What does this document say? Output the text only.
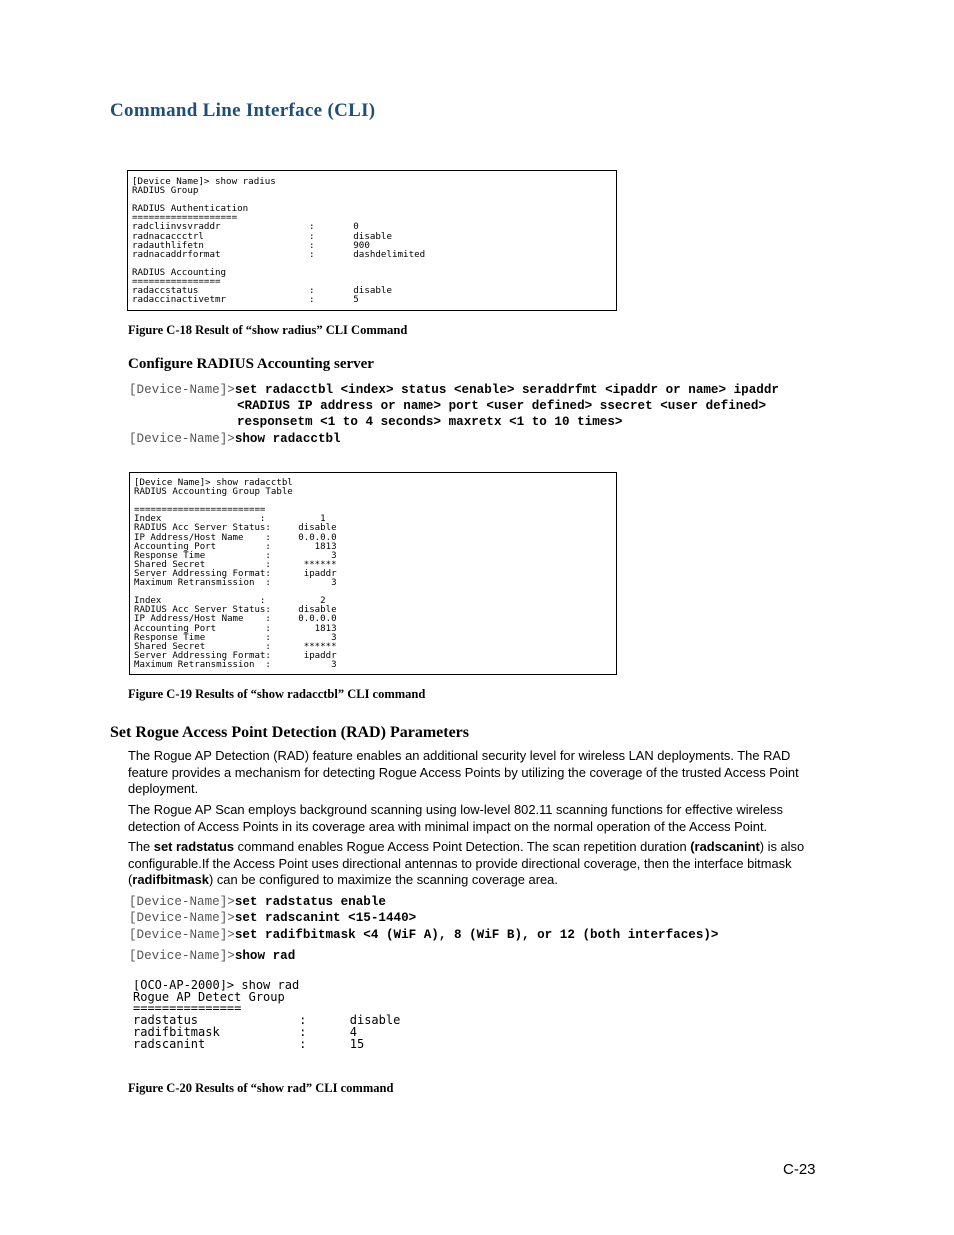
Command Line Interface (CLI)
[Device Name]> show radius
RADIUS Group

RADIUS Authentication
===================
radcliinvsvraddr                :       0
radnacaccctrl                   :       disable
radauthlifetn                   :       900
radnacaddrformat                :       dashdelimited

RADIUS Accounting
================
radaccstatus                    :       disable
radaccinactivetmr               :       5

Figure C-18 Result of “show radius” CLI Command

Configure RADIUS Accounting server

[Device-Name]>set radacctbl <index> status <enable> seraddrfmt <ipaddr or name> ipaddr
<RADIUS IP address or name> port <user defined> ssecret <user defined>
responsetm <1 to 4 seconds> maxretx <1 to 10 times>
[Device-Name]>show radacctbl
[Device Name]> show radacctbl
RADIUS Accounting Group Table

========================
Index                  :          1
RADIUS Acc Server Status:     disable
IP Address/Host Name    :     0.0.0.0
Accounting Port         :        1813
Response Time           :           3
Shared Secret           :      ******
Server Addressing Format:      ipaddr
Maximum Retransmission  :           3

Index                  :          2
RADIUS Acc Server Status:     disable
IP Address/Host Name    :     0.0.0.0
Accounting Port         :        1813
Response Time           :           3
Shared Secret           :      ******
Server Addressing Format:      ipaddr
Maximum Retransmission  :           3

Figure C-19 Results of “show radacctbl” CLI command

Set Rogue Access Point Detection (RAD) Parameters

The Rogue AP Detection (RAD) feature enables an additional security level for wireless LAN deployments. The RAD feature provides a mechanism for detecting Rogue Access Points by utilizing the coverage of the trusted Access Point deployment.

The Rogue AP Scan employs background scanning using low-level 802.11 scanning functions for effective wireless detection of Access Points in its coverage area with minimal impact on the normal operation of the Access Point.

The set radstatus command enables Rogue Access Point Detection. The scan repetition duration (radscanint) is also configurable.If the Access Point uses directional antennas to provide directional coverage, then the interface bitmask (radifbitmask) can be configured to maximize the scanning coverage area.

[Device-Name]>set radstatus enable
[Device-Name]>set radscanint <15-1440>
[Device-Name]>set radifbitmask <4 (WiF A), 8 (WiF B), or 12 (both interfaces)>
[Device-Name]>show rad
[OCO-AP-2000]> show rad
Rogue AP Detect Group
===============
radstatus              :      disable
radifbitmask           :      4
radscanint             :      15

Figure C-20 Results of “show rad” CLI command

C-23
